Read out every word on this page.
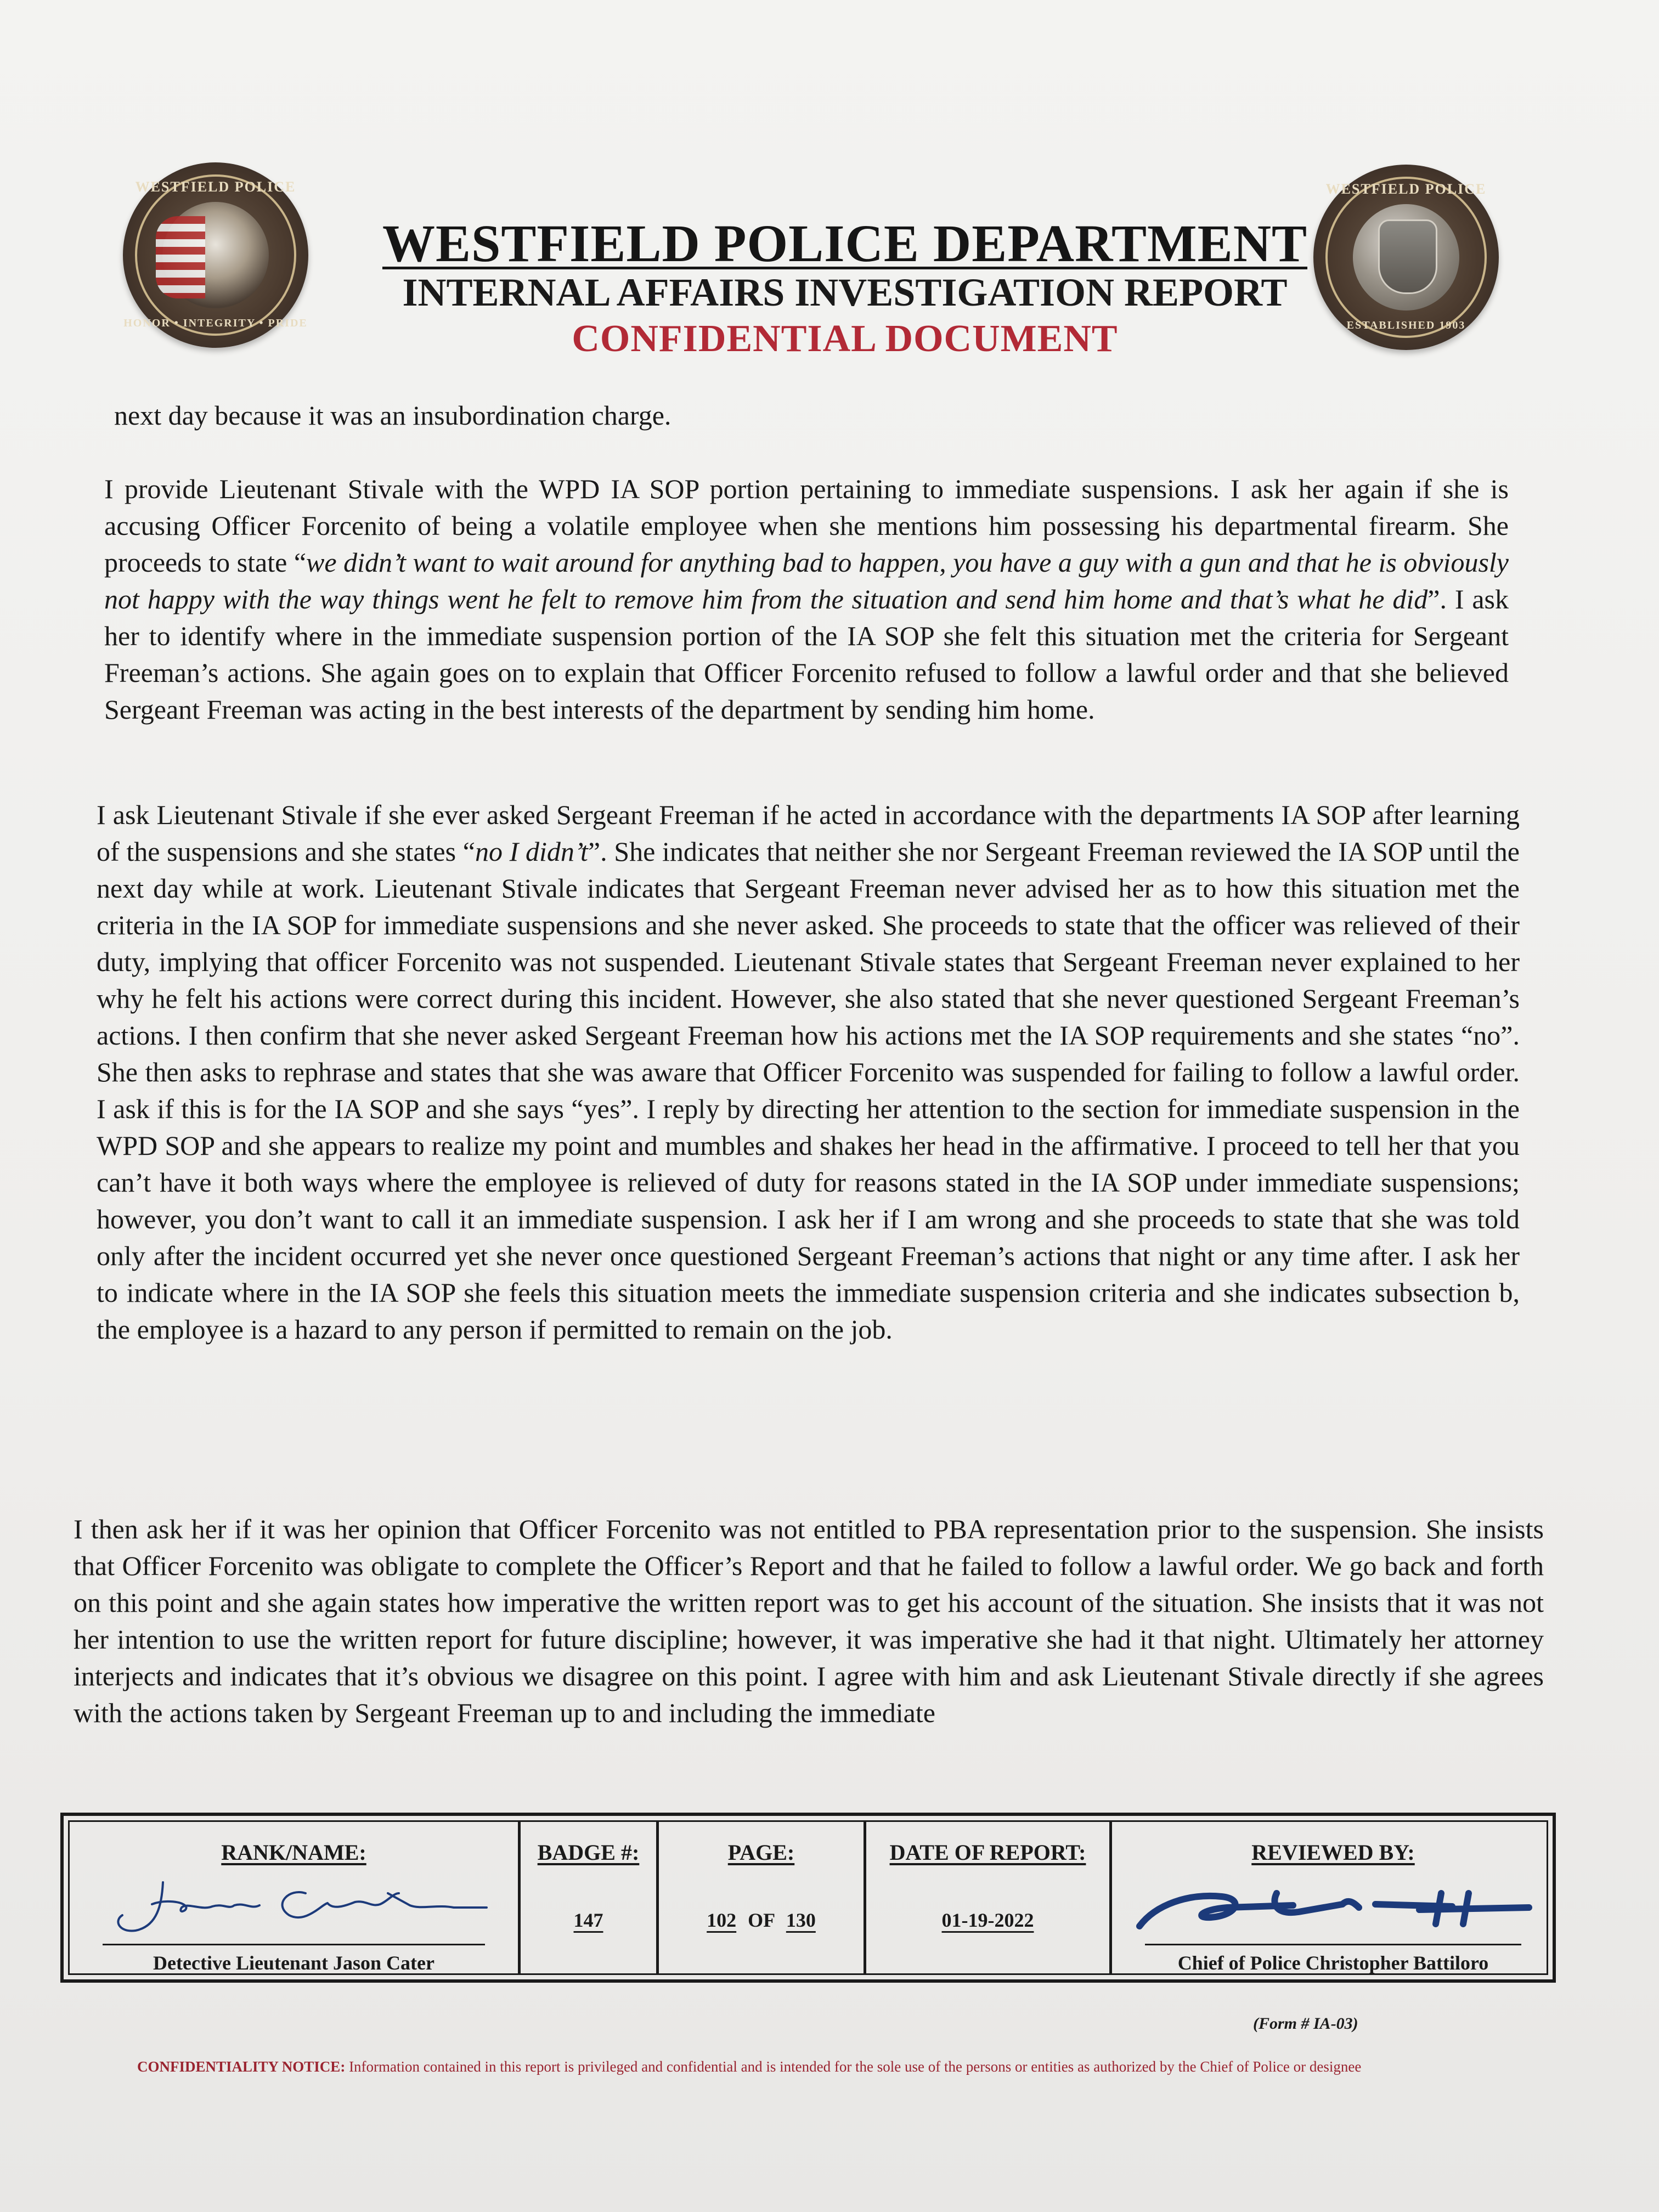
WESTFIELD POLICE
HONOR • INTEGRITY • PRIDE
WESTFIELD POLICE
ESTABLISHED 1903
WESTFIELD POLICE DEPARTMENT
INTERNAL AFFAIRS INVESTIGATION REPORT
CONFIDENTIAL DOCUMENT

next day because it was an insubordination charge.

I provide Lieutenant Stivale with the WPD IA SOP portion pertaining to immediate suspensions. I ask her again if she is accusing Officer Forcenito of being a volatile employee when she mentions him possessing his departmental firearm. She proceeds to state “we didn’t want to wait around for anything bad to happen, you have a guy with a gun and that he is obviously not happy with the way things went he felt to remove him from the situation and send him home and that’s what he did”. I ask her to identify where in the immediate suspension portion of the IA SOP she felt this situation met the criteria for Sergeant Freeman’s actions. She again goes on to explain that Officer Forcenito refused to follow a lawful order and that she believed Sergeant Freeman was acting in the best interests of the department by sending him home.

I ask Lieutenant Stivale if she ever asked Sergeant Freeman if he acted in accordance with the departments IA SOP after learning of the suspensions and she states “no I didn’t”. She indicates that neither she nor Sergeant Freeman reviewed the IA SOP until the next day while at work. Lieutenant Stivale indicates that Sergeant Freeman never advised her as to how this situation met the criteria in the IA SOP for immediate suspensions and she never asked. She proceeds to state that the officer was relieved of their duty, implying that officer Forcenito was not suspended. Lieutenant Stivale states that Sergeant Freeman never explained to her why he felt his actions were correct during this incident. However, she also stated that she never questioned Sergeant Freeman’s actions. I then confirm that she never asked Sergeant Freeman how his actions met the IA SOP requirements and she states “no”. She then asks to rephrase and states that she was aware that Officer Forcenito was suspended for failing to follow a lawful order. I ask if this is for the IA SOP and she says “yes”. I reply by directing her attention to the section for immediate suspension in the WPD SOP and she appears to realize my point and mumbles and shakes her head in the affirmative. I proceed to tell her that you can’t have it both ways where the employee is relieved of duty for reasons stated in the IA SOP under immediate suspensions; however, you don’t want to call it an immediate suspension. I ask her if I am wrong and she proceeds to state that she was told only after the incident occurred yet she never once questioned Sergeant Freeman’s actions that night or any time after. I ask her to indicate where in the IA SOP she feels this situation meets the immediate suspension criteria and she indicates subsection b, the employee is a hazard to any person if permitted to remain on the job.

I then ask her if it was her opinion that Officer Forcenito was not entitled to PBA representation prior to the suspension. She insists that Officer Forcenito was obligate to complete the Officer’s Report and that he failed to follow a lawful order. We go back and forth on this point and she again states how imperative the written report was to get his account of the situation. She insists that it was not her intention to use the written report for future discipline; however, it was imperative she had it that night. Ultimately her attorney interjects and indicates that it’s obvious we disagree on this point. I agree with him and ask Lieutenant Stivale directly if she agrees with the actions taken by Sergeant Freeman up to and including the immediate

RANK/NAME:
Detective Lieutenant Jason Cater
BADGE #:
147
PAGE:
102 OF 130
DATE OF REPORT:
01-19-2022
REVIEWED BY:
Chief of Police Christopher Battiloro
(Form # IA-03)
CONFIDENTIALITY NOTICE: Information contained in this report is privileged and confidential and is intended for the sole use of the persons or entities as authorized by the Chief of Police or designee
